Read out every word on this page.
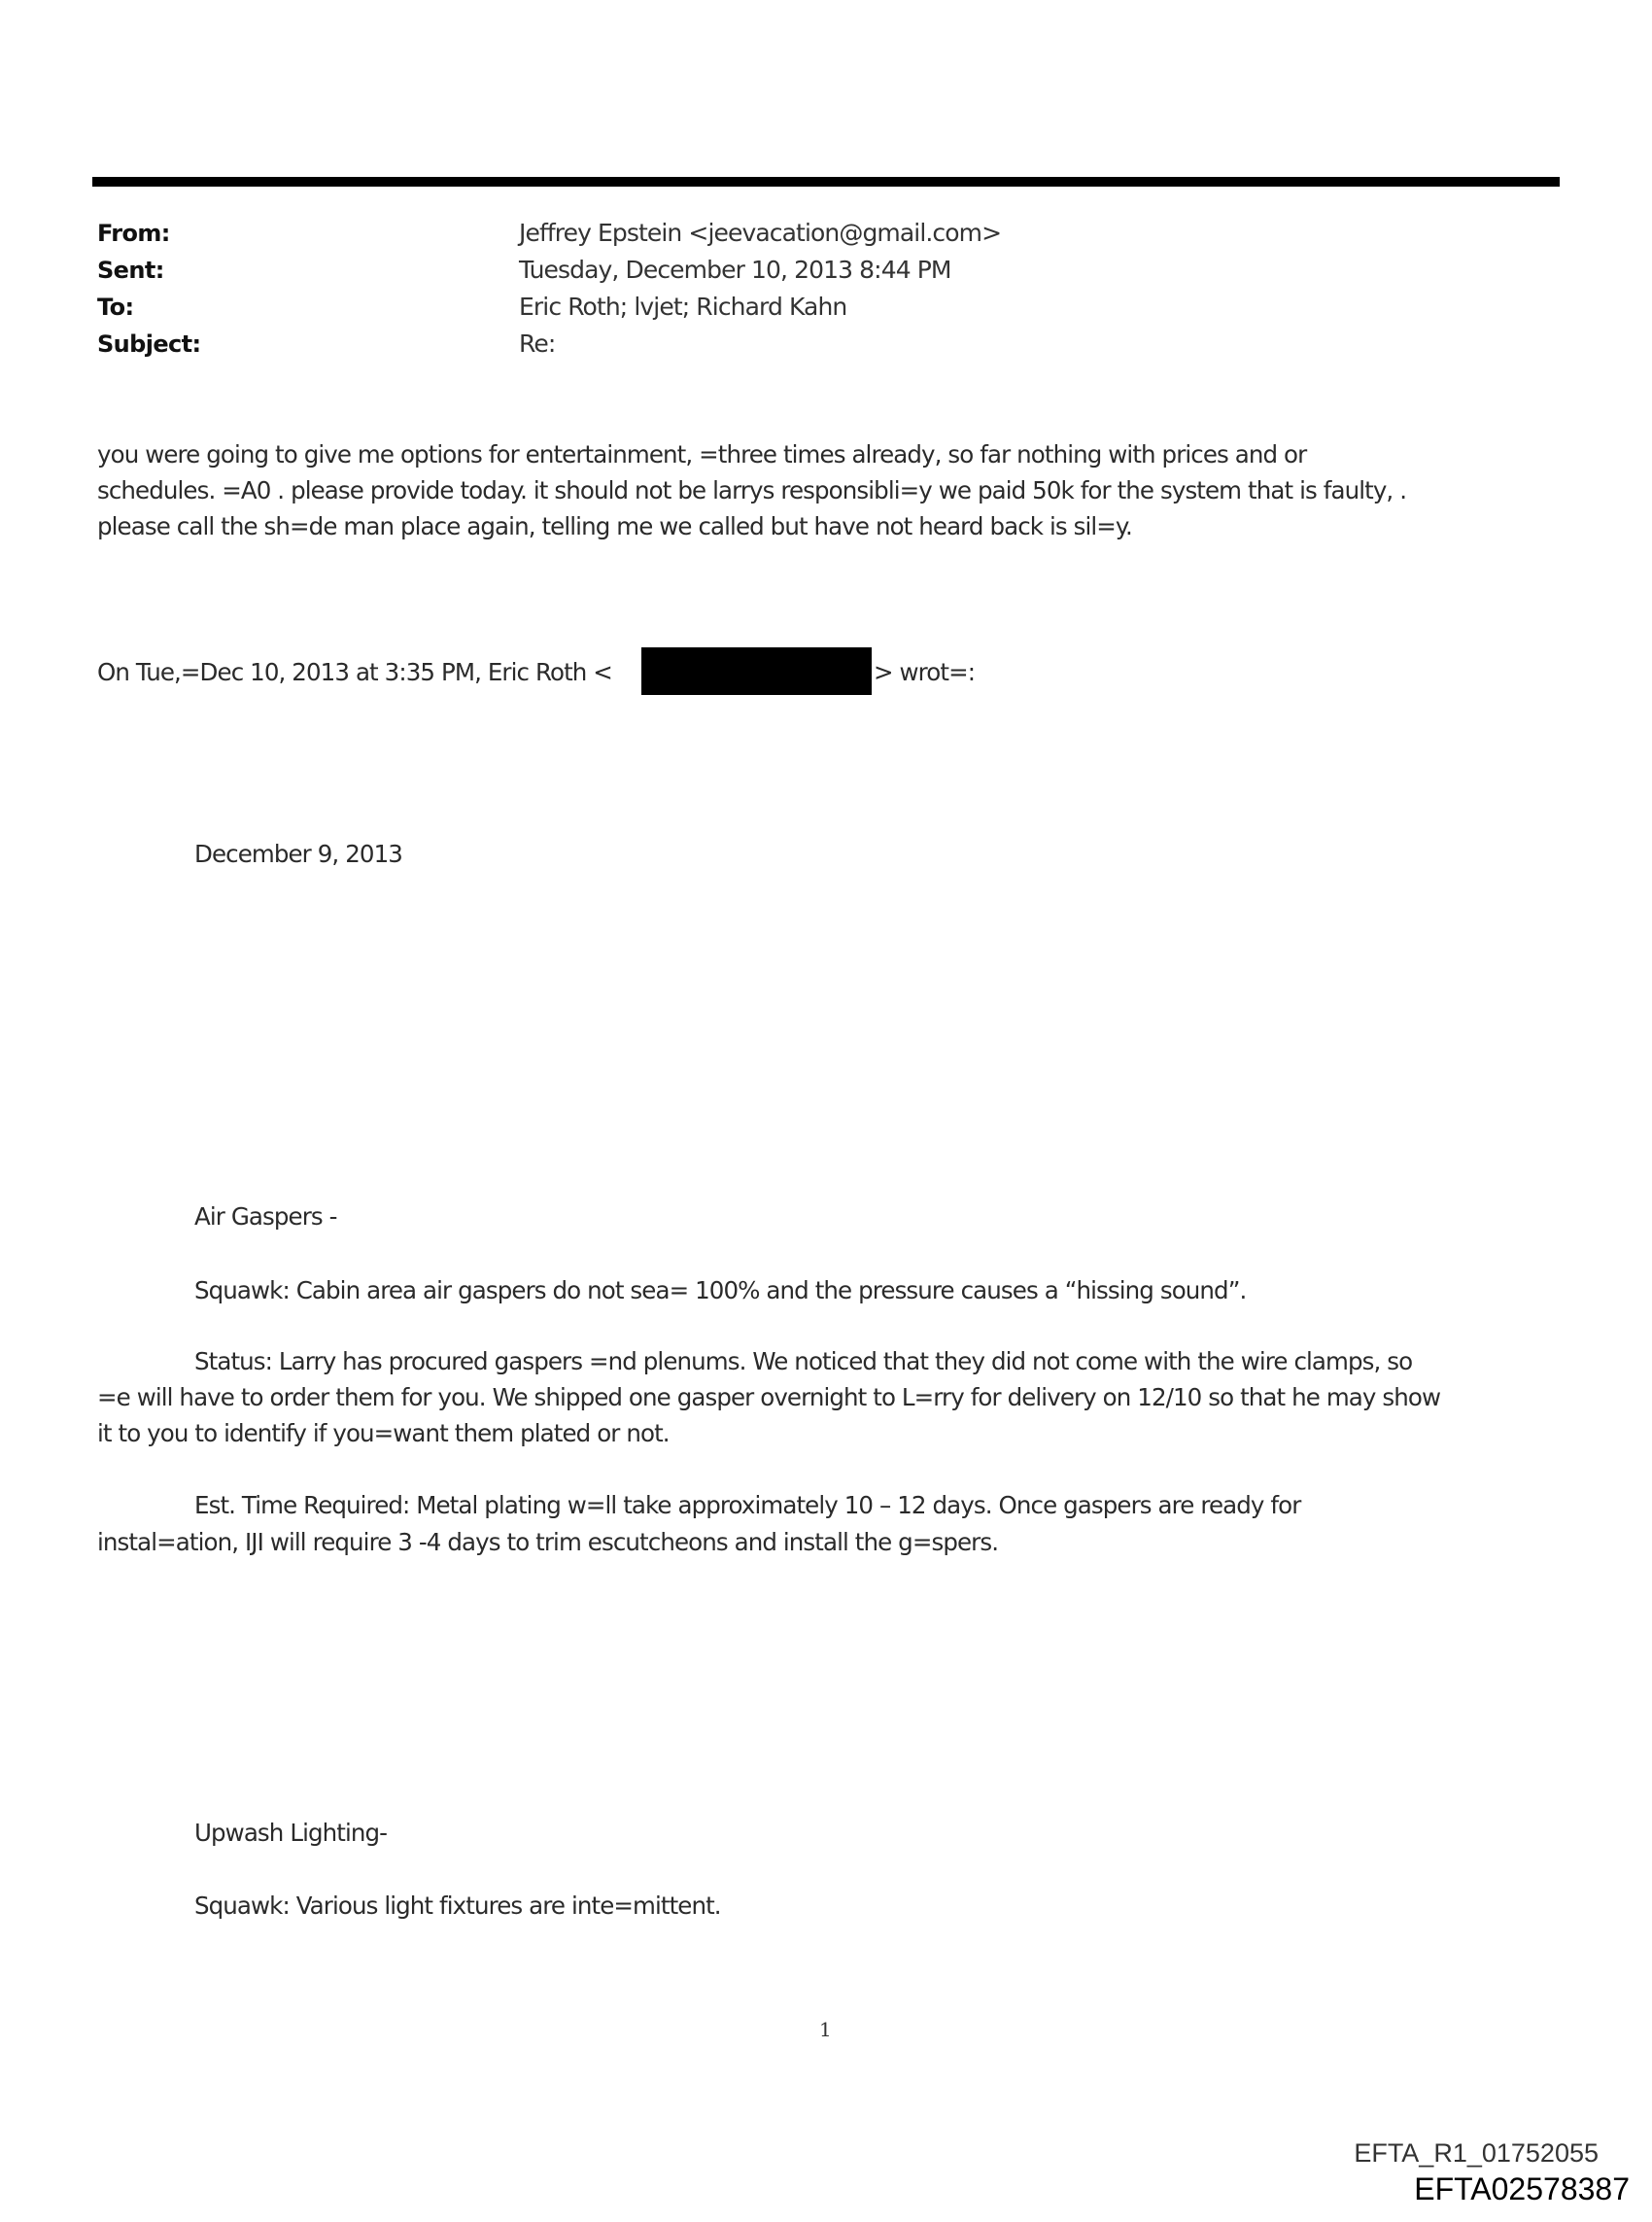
From:	Jeffrey Epstein <jeevacation@gmail.com>
Sent:	Tuesday, December 10, 2013 8:44 PM
To:	Eric Roth; lvjet; Richard Kahn
Subject:	Re:
you were going to give me options for entertainment, =three times already, so far nothing with prices and or
schedules. =A0 . please provide today. it should not be larrys responsibli=y we paid 50k for the system that is faulty, .
please call the sh=de man place again, telling me we called but have not heard back is sil=y.
On Tue,=Dec 10, 2013 at 3:35 PM, Eric Roth <	> wrot=:
December 9, 2013
Air Gaspers -
Squawk: Cabin area air gaspers do not sea= 100% and the pressure causes a “hissing sound”.
Status: Larry has procured gaspers =nd plenums. We noticed that they did not come with the wire clamps, so
=e will have to order them for you. We shipped one gasper overnight to L=rry for delivery on 12/10 so that he may show
it to you to identify if you=want them plated or not.
Est. Time Required: Metal plating w=ll take approximately 10 – 12 days. Once gaspers are ready for
instal=ation, IJI will require 3 -4 days to trim escutcheons and install the g=spers.
Upwash Lighting-
Squawk: Various light fixtures are inte=mittent.
1
EFTA_R1_01752055
EFTA02578387
